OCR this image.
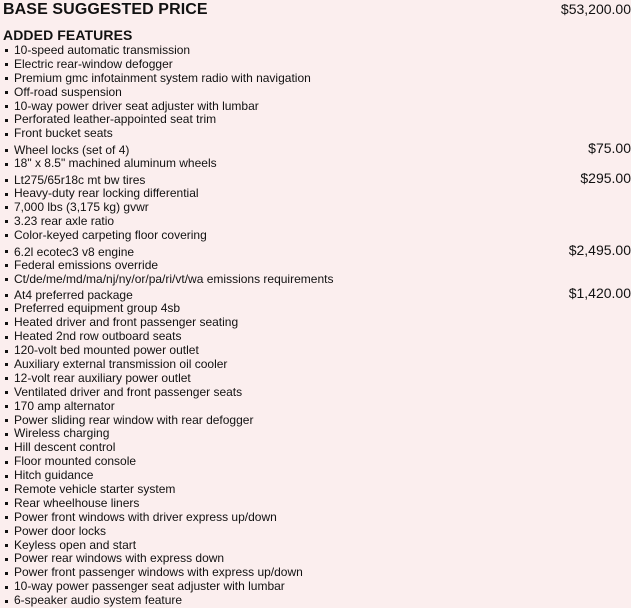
BASE SUGGESTED PRICE	$53,200.00
ADDED FEATURES
10-speed automatic transmission
Electric rear-window defogger
Premium gmc infotainment system radio with navigation
Off-road suspension
10-way power driver seat adjuster with lumbar
Perforated leather-appointed seat trim
Front bucket seats
Wheel locks (set of 4)	$75.00
18" x 8.5" machined aluminum wheels
Lt275/65r18c mt bw tires	$295.00
Heavy-duty rear locking differential
7,000 lbs (3,175 kg) gvwr
3.23 rear axle ratio
Color-keyed carpeting floor covering
6.2l ecotec3 v8 engine	$2,495.00
Federal emissions override
Ct/de/me/md/ma/nj/ny/or/pa/ri/vt/wa emissions requirements
At4 preferred package	$1,420.00
Preferred equipment group 4sb
Heated driver and front passenger seating
Heated 2nd row outboard seats
120-volt bed mounted power outlet
Auxiliary external transmission oil cooler
12-volt rear auxiliary power outlet
Ventilated driver and front passenger seats
170 amp alternator
Power sliding rear window with rear defogger
Wireless charging
Hill descent control
Floor mounted console
Hitch guidance
Remote vehicle starter system
Rear wheelhouse liners
Power front windows with driver express up/down
Power door locks
Keyless open and start
Power rear windows with express down
Power front passenger windows with express up/down
10-way power passenger seat adjuster with lumbar
6-speaker audio system feature
